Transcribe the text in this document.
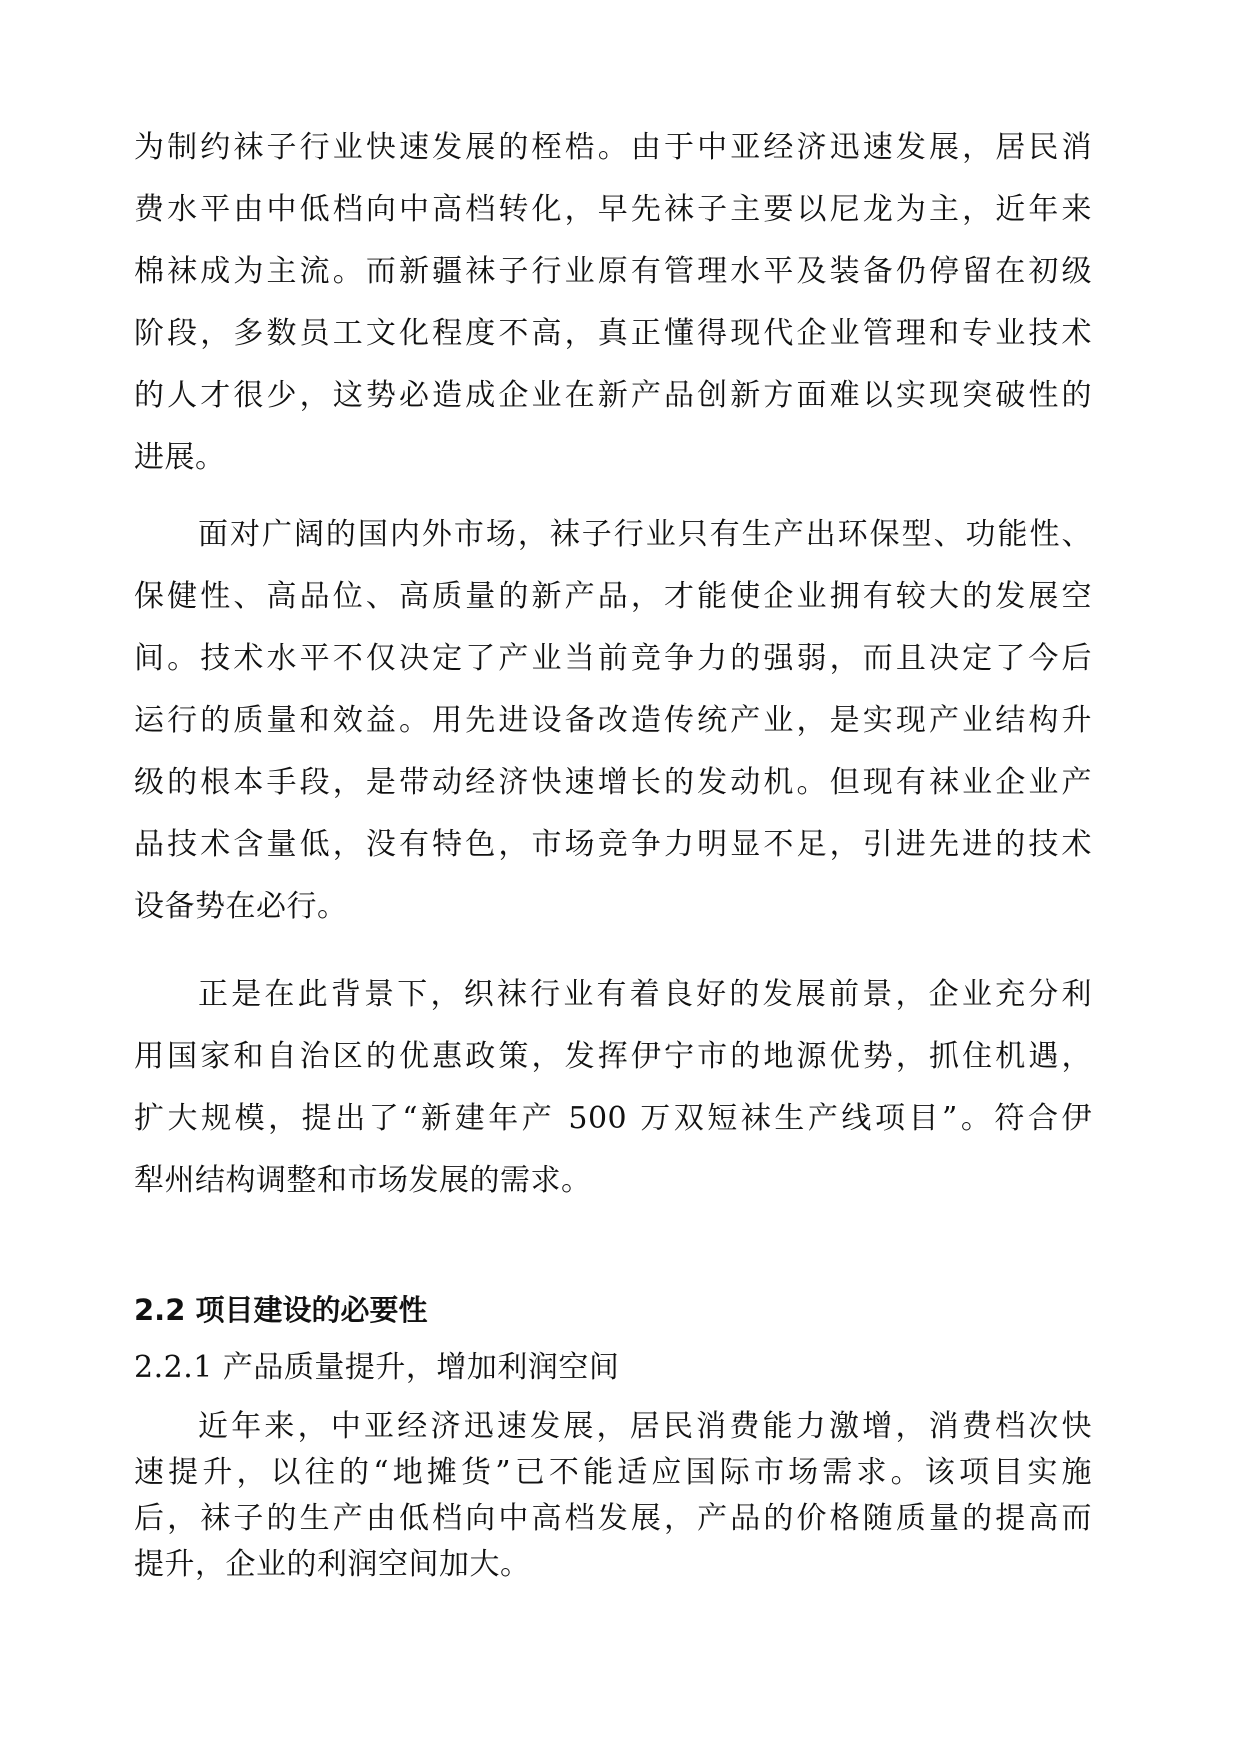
为制约袜子行业快速发展的桎梏。由于中亚经济迅速发展，居民消
费水平由中低档向中高档转化，早先袜子主要以尼龙为主，近年来
棉袜成为主流。而新疆袜子行业原有管理水平及装备仍停留在初级
阶段，多数员工文化程度不高，真正懂得现代企业管理和专业技术
的人才很少，这势必造成企业在新产品创新方面难以实现突破性的
进展。
面对广阔的国内外市场，袜子行业只有生产出环保型、功能性、
保健性、高品位、高质量的新产品，才能使企业拥有较大的发展空
间。技术水平不仅决定了产业当前竞争力的强弱，而且决定了今后
运行的质量和效益。用先进设备改造传统产业，是实现产业结构升
级的根本手段，是带动经济快速增长的发动机。但现有袜业企业产
品技术含量低，没有特色，市场竞争力明显不足，引进先进的技术
设备势在必行。
正是在此背景下，织袜行业有着良好的发展前景，企业充分利
用国家和自治区的优惠政策，发挥伊宁市的地源优势，抓住机遇，
扩大规模，提出了“新建年产 500 万双短袜生产线项目”。符合伊
犁州结构调整和市场发展的需求。
2.2 项目建设的必要性
2.2.1 产品质量提升，增加利润空间
近年来，中亚经济迅速发展，居民消费能力激增，消费档次快
速提升，以往的“地摊货”已不能适应国际市场需求。该项目实施
后，袜子的生产由低档向中高档发展，产品的价格随质量的提高而
提升，企业的利润空间加大。
